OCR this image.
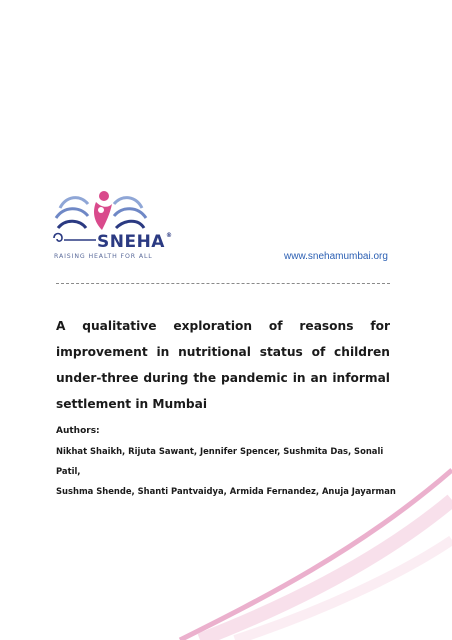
SNEHA®
RAISING HEALTH FOR ALL	www.snehamumbai.org
A qualitative exploration of reasons for improvement in nutritional status of children under-three during the pandemic in an informal settlement in Mumbai
Authors:
Nikhat Shaikh, Rijuta Sawant, Jennifer Spencer, Sushmita Das, Sonali Patil,
Sushma Shende, Shanti Pantvaidya, Armida Fernandez, Anuja Jayarman
